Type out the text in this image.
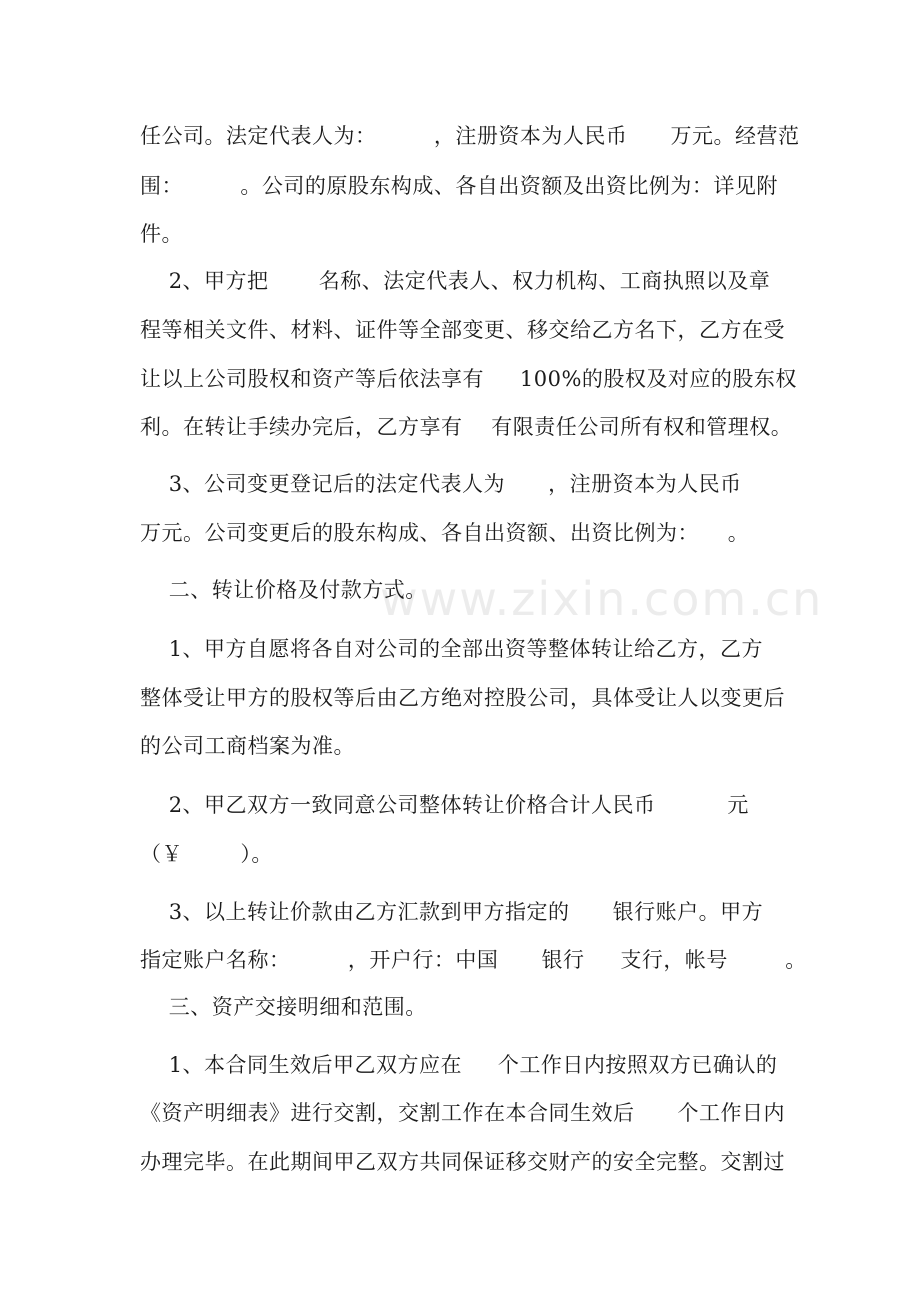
www.zixin.com.cn
任公司。法定代表人为：        ，注册资本为人民币      万元。经营范
围：        。公司的原股东构成、各自出资额及出资比例为：详见附
件。
2、甲方把       名称、法定代表人、权力机构、工商执照以及章
程等相关文件、材料、证件等全部变更、移交给乙方名下，乙方在受
让以上公司股权和资产等后依法享有     100%的股权及对应的股东权
利。在转让手续办完后，乙方享有    有限责任公司所有权和管理权。
3、公司变更登记后的法定代表人为      ，注册资本为人民币
万元。公司变更后的股东构成、各自出资额、出资比例为：    。
二、转让价格及付款方式。
1、甲方自愿将各自对公司的全部出资等整体转让给乙方，乙方
整体受让甲方的股权等后由乙方绝对控股公司，具体受让人以变更后
的公司工商档案为准。
2、甲乙双方一致同意公司整体转让价格合计人民币          元
（￥        ）。
3、以上转让价款由乙方汇款到甲方指定的      银行账户。甲方
指定账户名称：        ，开户行：中国      银行     支行，帐号        。
三、资产交接明细和范围。
1、本合同生效后甲乙双方应在     个工作日内按照双方已确认的
《资产明细表》进行交割，交割工作在本合同生效后      个工作日内
办理完毕。在此期间甲乙双方共同保证移交财产的安全完整。交割过
